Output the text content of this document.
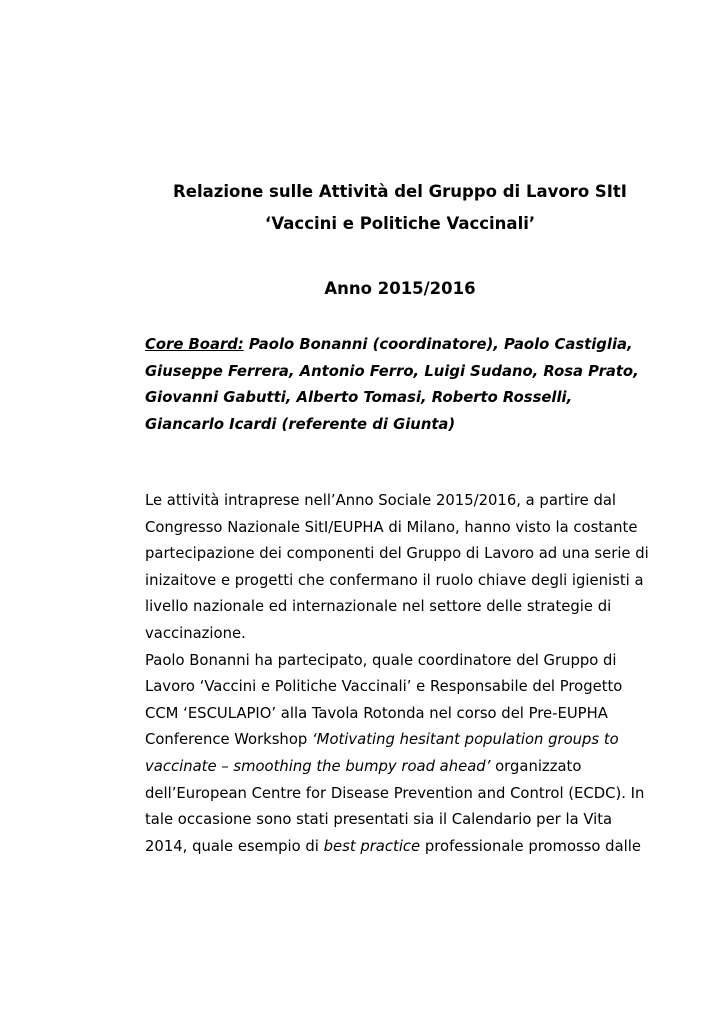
Relazione sulle Attività del Gruppo di Lavoro SItI
‘Vaccini e Politiche Vaccinali’
Anno 2015/2016
Core Board: Paolo Bonanni (coordinatore), Paolo Castiglia,
Giuseppe Ferrera, Antonio Ferro, Luigi Sudano, Rosa Prato,
Giovanni Gabutti, Alberto Tomasi, Roberto Rosselli,
Giancarlo Icardi (referente di Giunta)
Le attività intraprese nell’Anno Sociale 2015/2016, a partire dal
Congresso Nazionale SitI/EUPHA di Milano, hanno visto la costante
partecipazione dei componenti del Gruppo di Lavoro ad una serie di
inizaitove e progetti che confermano il ruolo chiave degli igienisti a
livello nazionale ed internazionale nel settore delle strategie di
vaccinazione.
Paolo Bonanni ha partecipato, quale coordinatore del Gruppo di
Lavoro ‘Vaccini e Politiche Vaccinali’ e Responsabile del Progetto
CCM ‘ESCULAPIO’ alla Tavola Rotonda nel corso del Pre-EUPHA
Conference Workshop ‘Motivating hesitant population groups to
vaccinate – smoothing the bumpy road ahead’ organizzato
dell’European Centre for Disease Prevention and Control (ECDC). In
tale occasione sono stati presentati sia il Calendario per la Vita
2014, quale esempio di best practice professionale promosso dalle
